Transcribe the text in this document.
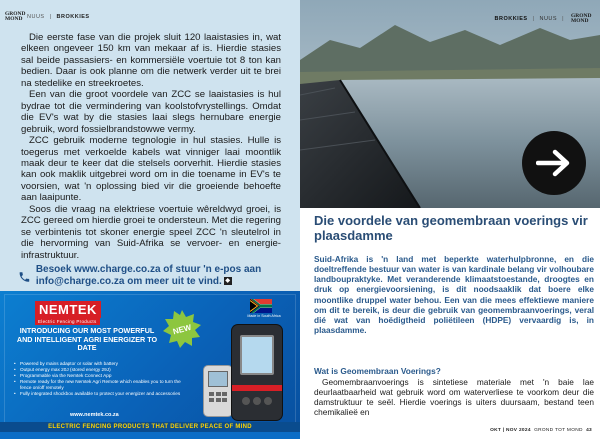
GROND
MOND NUUS | BROKKIES

Die eerste fase van die projek sluit 120 laaistasies in, wat elkeen ongeveer 150 km van mekaar af is. Hierdie stasies sal beide passasiers- en kommersiële voertuie tot 8 ton kan bedien. Daar is ook planne om die netwerk verder uit te brei na stedelike en streekroetes.

Een van die groot voordele van ZCC se laaistasies is hul bydrae tot die vermindering van koolstofvrystellings. Omdat die EV's wat by die stasies laai slegs hernubare energie gebruik, word fossielbrandstowwe vermy.

ZCC gebruik moderne tegnologie in hul stasies. Hulle is toegerus met verkoelde kabels wat vinniger laai moontlik maak deur te keer dat die stelsels oorverhit. Hierdie stasies kan ook maklik uitgebrei word om in die toename in EV's te voorsien, wat 'n oplossing bied vir die groeiende behoefte aan laaipunte.

Soos die vraag na elektriese voertuie wêreldwyd groei, is ZCC gereed om hierdie groei te ondersteun. Met die regering se verbintenis tot skoner energie speel ZCC 'n sleutelrol in die hervorming van Suid-Afrika se vervoer- en energie-infrastruktuur.

Besoek www.charge.co.za of stuur 'n e-pos aan info@charge.co.za om meer uit te vind. ◆
NEMTEK
Electric Fencing Products
INTRODUCING OUR MOST POWERFUL AND INTELLIGENT AGRI ENERGIZER TO DATE
NEW
Made in South Africa
• Powered by mains adaptor or solar with battery
• Output energy max 20J (stored energy 29J)
• Programmable via the Nemtek Connect App
• Remote ready for the new Nemtek Agri Remote which enables you to turn the fence on/off remotely
• Fully integrated shockbox available to protect your energizer and accessories
www.nemtek.co.za
ELECTRIC FENCING PRODUCTS THAT DELIVER PEACE OF MIND
BROKKIES | NUUS | GROND
MOND
Die voordele van geomembraan voerings vir plaasdamme

Suid-Afrika is 'n land met beperkte waterhulpbronne, en die doeltreffende bestuur van water is van kardinale belang vir volhoubare landboupraktyke. Met veranderende klimaatstoestande, droogtes en druk op energievoorsiening, is dit noodsaaklik dat boere elke moontlike druppel water behou. Een van die mees effektiewe maniere om dit te bereik, is deur die gebruik van geomembraanvoerings, veral dié wat van hoëdigtheid poliëtileen (HDPE) vervaardig is, in plaasdamme.

Wat is Geomembraan Voerings?

Geomembraanvoerings is sintetiese materiale met 'n baie lae deurlaatbaarheid wat gebruik word om waterverliese te voorkom deur die damstruktuur te seël. Hierdie voerings is uiters duursaam, bestand teen chemikalieë en

OKT | NOV 2024 GROND TOT MOND 43
